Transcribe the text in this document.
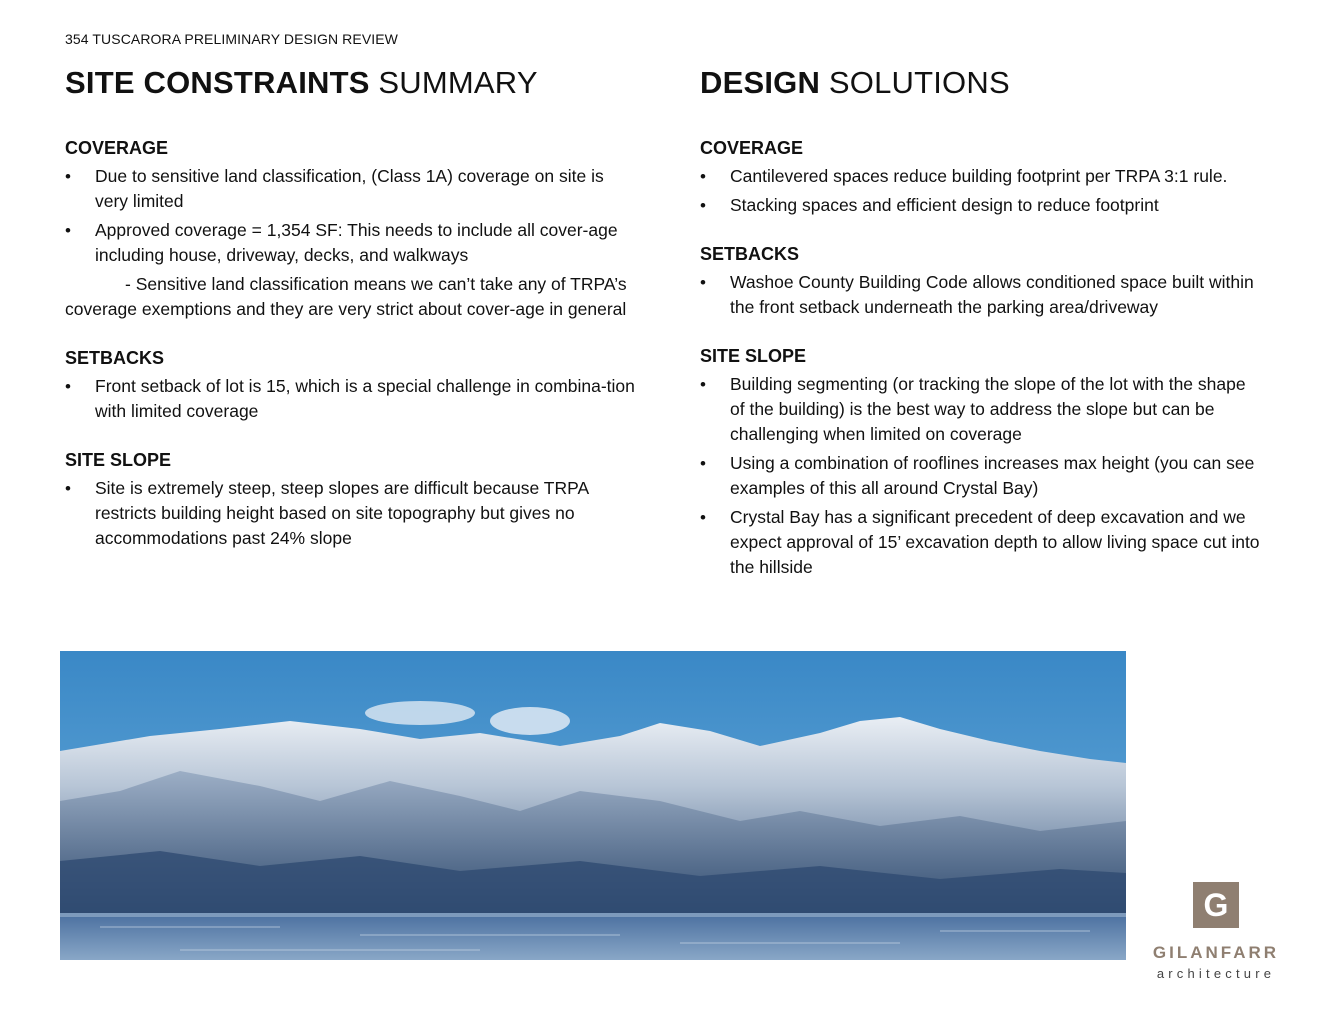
354 TUSCARORA PRELIMINARY DESIGN REVIEW
SITE CONSTRAINTS SUMMARY
COVERAGE
• Due to sensitive land classification, (Class 1A) coverage on site is very limited
• Approved coverage = 1,354 SF: This needs to include all cover-age including house, driveway, decks, and walkways

- Sensitive land classification means we can’t take any of TRPA’s coverage exemptions and they are very strict about cover-age in general

SETBACKS
• Front setback of lot is 15, which is a special challenge in combina-tion with limited coverage
SITE SLOPE
• Site is extremely steep, steep slopes are difficult because TRPA restricts building height based on site topography but gives no accommodations past 24% slope
DESIGN SOLUTIONS
COVERAGE
• Cantilevered spaces reduce building footprint per TRPA 3:1 rule.
• Stacking spaces and efficient design to reduce footprint
SETBACKS
• Washoe County Building Code allows conditioned space built within the front setback underneath the parking area/driveway
SITE SLOPE
• Building segmenting (or tracking the slope of the lot with the shape of the building) is the best way to address the slope but can be challenging when limited on coverage
• Using a combination of rooflines increases max height (you can see examples of this all around Crystal Bay)
• Crystal Bay has a significant precedent of deep excavation and we expect approval of 15’ excavation depth to allow living space cut into the hillside
G
GILANFARR
architecture
